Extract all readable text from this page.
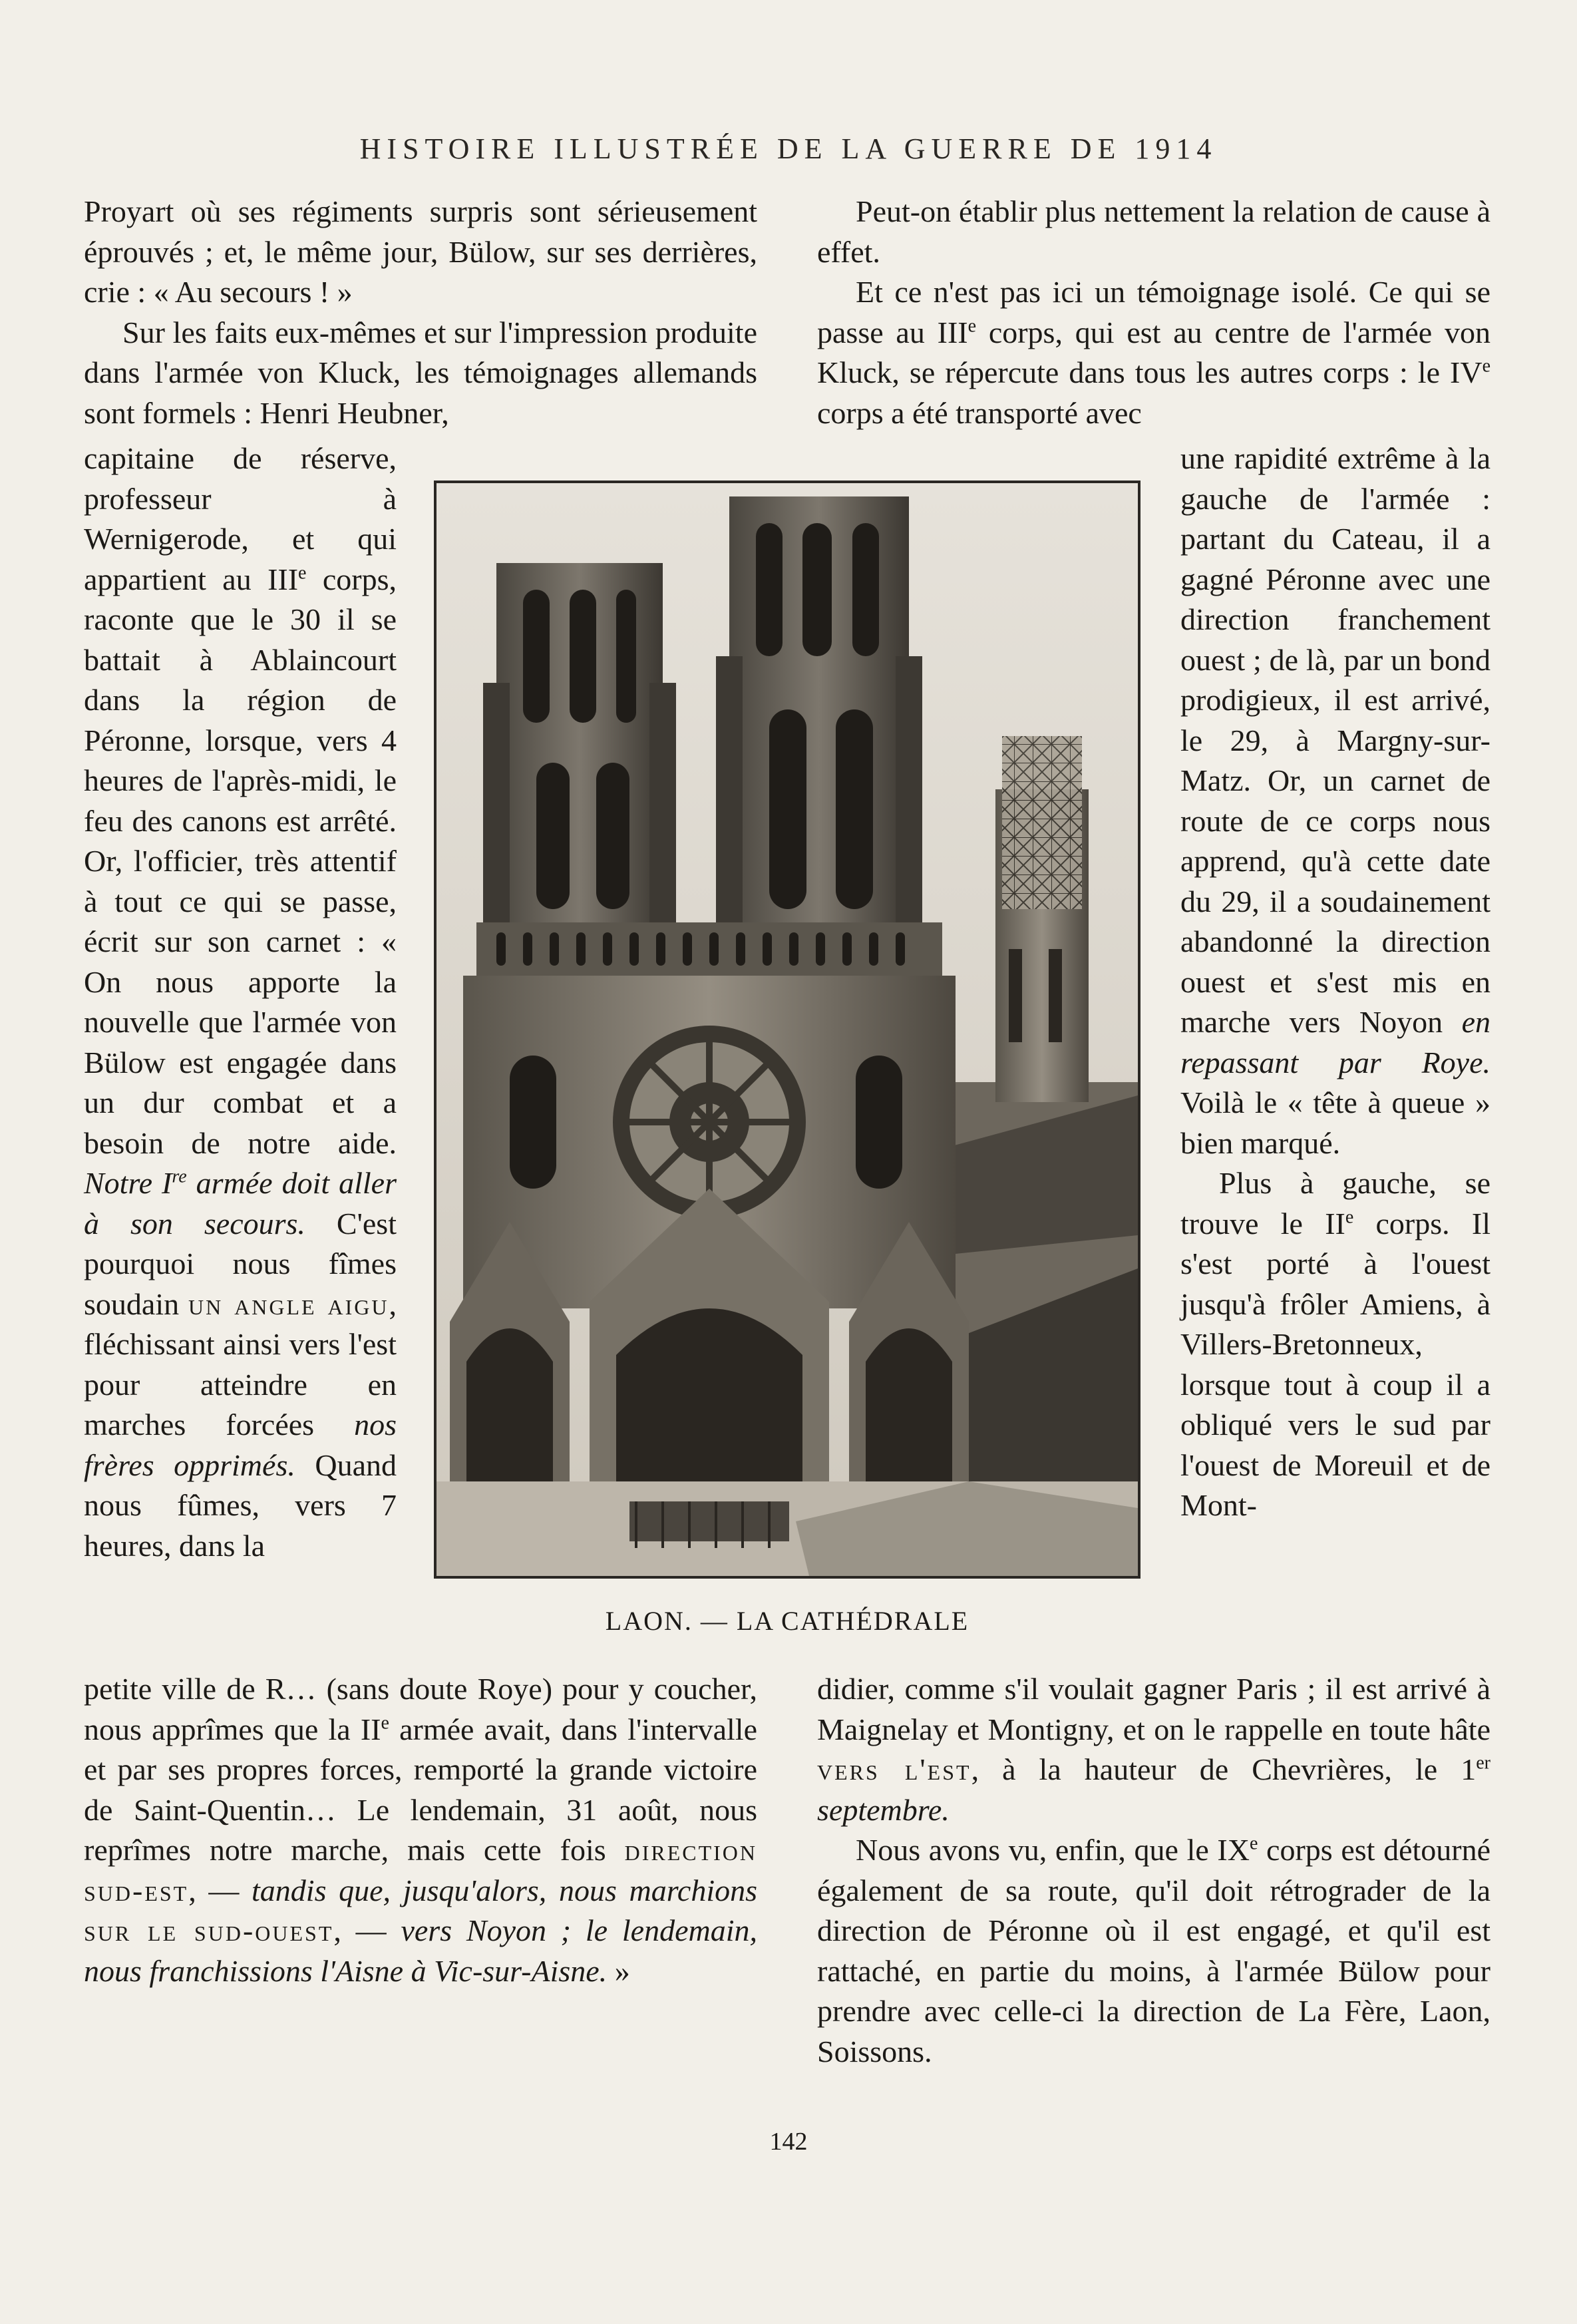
HISTOIRE ILLUSTRÉE DE LA GUERRE DE 1914

Proyart où ses régiments surpris sont sérieusement éprouvés ; et, le même jour, Bülow, sur ses derrières, crie : « Au secours ! »

Sur les faits eux-mêmes et sur l'impression produite dans l'armée von Kluck, les témoignages allemands sont formels : Henri Heubner,

capitaine de réserve, professeur à Wernigerode, et qui appartient au IIIe corps, raconte que le 30 il se battait à Ablaincourt dans la région de Péronne, lorsque, vers 4 heures de l'après-midi, le feu des canons est arrêté. Or, l'officier, très attentif à tout ce qui se passe, écrit sur son carnet : « On nous apporte la nouvelle que l'armée von Bülow est engagée dans un dur combat et a besoin de notre aide. Notre Ire armée doit aller à son secours. C'est pourquoi nous fîmes soudain un angle aigu, fléchissant ainsi vers l'est pour atteindre en marches forcées nos frères opprimés. Quand nous fûmes, vers 7 heures, dans la

petite ville de R… (sans doute Roye) pour y coucher, nous apprîmes que la IIe armée avait, dans l'intervalle et par ses propres forces, remporté la grande victoire de Saint-Quentin… Le lendemain, 31 août, nous reprîmes notre marche, mais cette fois direction sud-est, — tandis que, jusqu'alors, nous marchions sur le sud-ouest, — vers Noyon ; le lendemain, nous franchissions l'Aisne à Vic-sur-Aisne. »

Peut-on établir plus nettement la relation de cause à effet.

Et ce n'est pas ici un témoignage isolé. Ce qui se passe au IIIe corps, qui est au centre de l'armée von Kluck, se répercute dans tous les autres corps : le IVe corps a été transporté avec

une rapidité extrême à la gauche de l'armée : partant du Cateau, il a gagné Péronne avec une direction franchement ouest ; de là, par un bond prodigieux, il est arrivé, le 29, à Margny-sur-Matz. Or, un carnet de route de ce corps nous apprend, qu'à cette date du 29, il a soudainement abandonné la direction ouest et s'est mis en marche vers Noyon en repassant par Roye. Voilà le « tête à queue » bien marqué.

Plus à gauche, se trouve le IIe corps. Il s'est porté à l'ouest jusqu'à frôler Amiens, à Villers-Bretonneux, lorsque tout à coup il a obliqué vers le sud par l'ouest de Moreuil et de Mont-

didier, comme s'il voulait gagner Paris ; il est arrivé à Maignelay et Montigny, et on le rappelle en toute hâte vers l'est, à la hauteur de Chevrières, le 1er septembre.

Nous avons vu, enfin, que le IXe corps est détourné également de sa route, qu'il doit rétrograder de la direction de Péronne où il est engagé, et qu'il est rattaché, en partie du moins, à l'armée Bülow pour prendre avec celle-ci la direction de La Fère, Laon, Soissons.

LAON. — LA CATHÉDRALE
142
